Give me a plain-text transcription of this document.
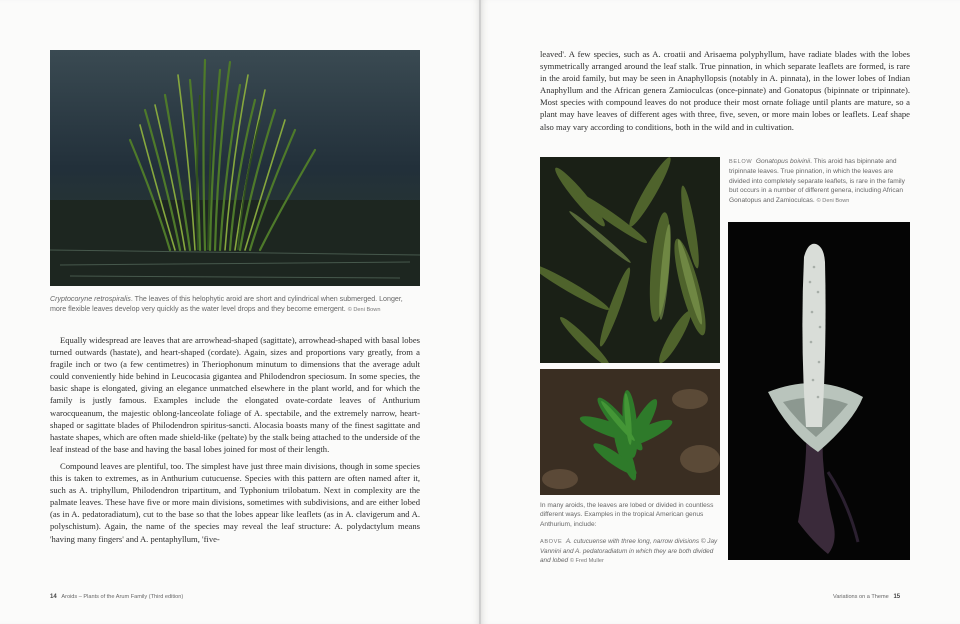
Cryptocoryne retrospiralis. The leaves of this helophytic aroid are short and cylindrical when submerged. Longer, more flexible leaves develop very quickly as the water level drops and they become emergent. © Deni Bown

Equally widespread are leaves that are arrowhead-shaped (sagittate), arrowhead-shaped with basal lobes turned outwards (hastate), and heart-shaped (cordate). Again, sizes and proportions vary greatly, from a fragile inch or two (a few centimetres) in Theriophonum minutum to dimensions that the average adult could conveniently hide behind in Leucocasia gigantea and Philodendron speciosum. In some species, the basic shape is elongated, giving an elegance unmatched elsewhere in the plant world, and for which the family is justly famous. Examples include the elongated ovate-cordate leaves of Anthurium warocqueanum, the majestic oblong-lanceolate foliage of A. spectabile, and the extremely narrow, heart-shaped or sagittate blades of Philodendron spiritus-sancti. Alocasia boasts many of the finest sagittate and hastate shapes, which are often made shield-like (peltate) by the stalk being attached to the underside of the leaf instead of the base and having the basal lobes joined for most of their length.

Compound leaves are plentiful, too. The simplest have just three main divisions, though in some species this is taken to extremes, as in Anthurium cutucuense. Species with this pattern are often named after it, such as A. triphyllum, Philodendron tripartitum, and Typhonium trilobatum. Next in complexity are the palmate leaves. These have five or more main divisions, sometimes with subdivisions, and are either lobed (as in A. pedatoradiatum), cut to the base so that the lobes appear like leaflets (as in A. clavigerum and A. polyschistum). Again, the name of the species may reveal the leaf structure: A. polydactylum means 'having many fingers' and A. pentaphyllum, 'five-

14 Aroids – Plants of the Arum Family (Third edition)

leaved'. A few species, such as A. croatii and Arisaema polyphyllum, have radiate blades with the lobes symmetrically arranged around the leaf stalk. True pinnation, in which separate leaflets are formed, is rare in the aroid family, but may be seen in Anaphyllopsis (notably in A. pinnata), in the lower lobes of Indian Anaphyllum and the African genera Zamioculcas (once-pinnate) and Gonatopus (bipinnate or tripinnate). Most species with compound leaves do not produce their most ornate foliage until plants are mature, so a plant may have leaves of different ages with three, five, seven, or more main lobes or leaflets. Leaf shape also may vary according to conditions, both in the wild and in cultivation.

BELOW Gonatopus boivinii. This aroid has bipinnate and tripinnate leaves. True pinnation, in which the leaves are divided into completely separate leaflets, is rare in the family but occurs in a number of different genera, including African Gonatopus and Zamioculcas. © Deni Bown
In many aroids, the leaves are lobed or divided in countless different ways. Examples in the tropical American genus Anthurium, include:
ABOVE A. cutucuense with three long, narrow divisions © Jay Vannini and A. pedatoradiatum in which they are both divided and lobed © Fred Muller
Variations on a Theme 15
